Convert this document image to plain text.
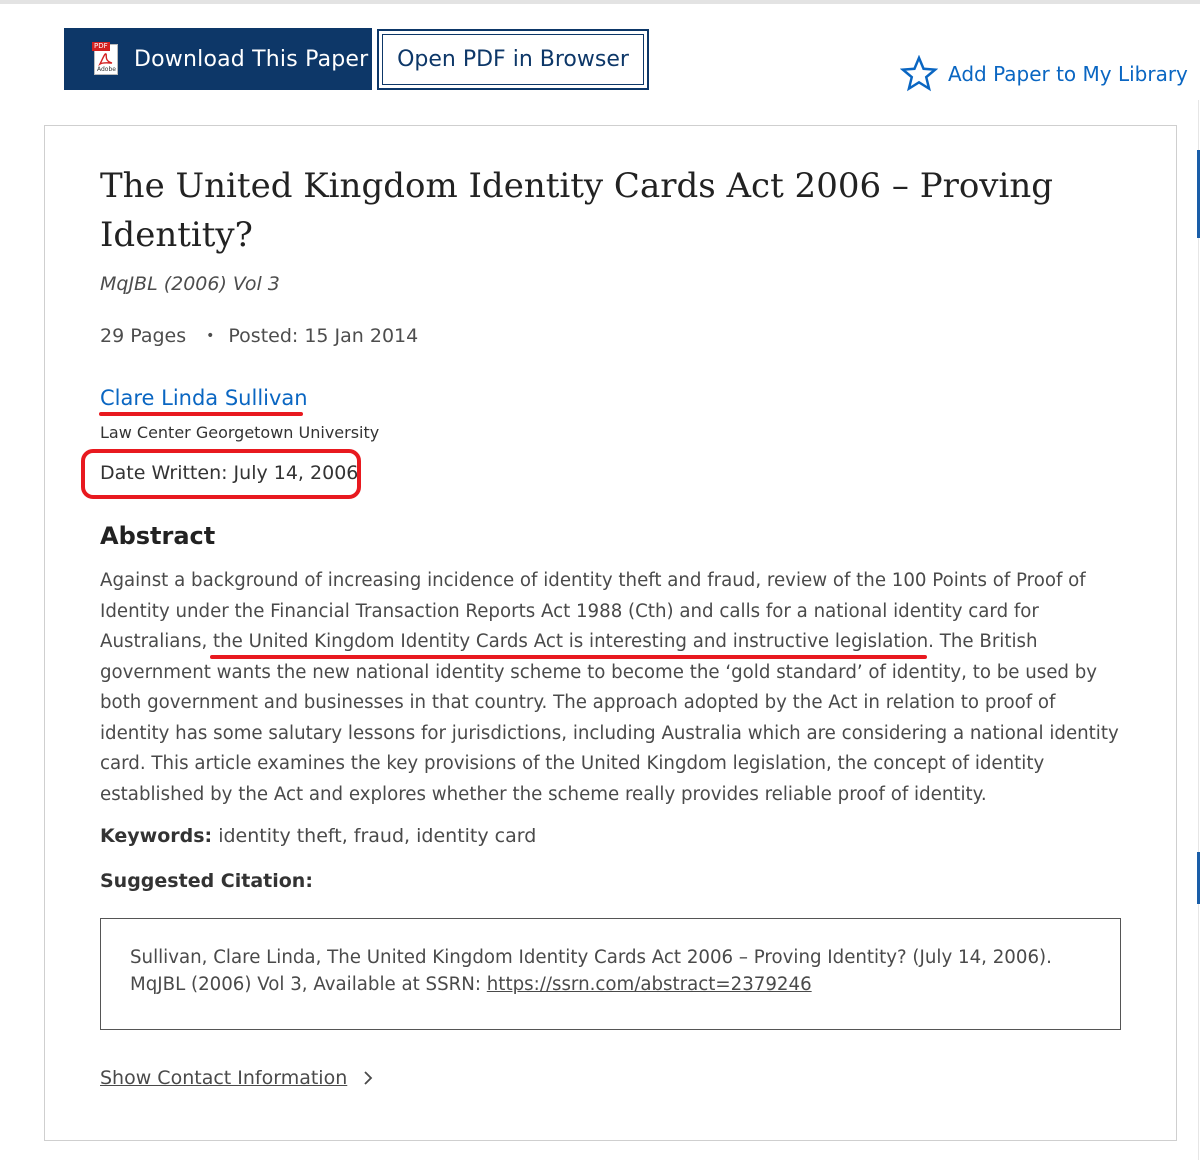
PDF
Adobe Download This Paper Open PDF in Browser
Add Paper to My Library
The United Kingdom Identity Cards Act 2006 – Proving Identity?
MqJBL (2006) Vol 3
29 Pages • Posted: 15 Jan 2014
Clare Linda Sullivan
Law Center Georgetown University
Date Written: July 14, 2006
Abstract

Against a background of increasing incidence of identity theft and fraud, review of the 100 Points of Proof of Identity under the Financial Transaction Reports Act 1988 (Cth) and calls for a national identity card for Australians, the United Kingdom Identity Cards Act is interesting and instructive legislation. The British government wants the new national identity scheme to become the ‘gold standard’ of identity, to be used by both government and businesses in that country. The approach adopted by the Act in relation to proof of identity has some salutary lessons for jurisdictions, including Australia which are considering a national identity card. This article examines the key provisions of the United Kingdom legislation, the concept of identity established by the Act and explores whether the scheme really provides reliable proof of identity.

Keywords: identity theft, fraud, identity card
Suggested Citation:

Sullivan, Clare Linda, The United Kingdom Identity Cards Act 2006 – Proving Identity? (July 14, 2006).
MqJBL (2006) Vol 3, Available at SSRN: https://ssrn.com/abstract=2379246

Show Contact Information
